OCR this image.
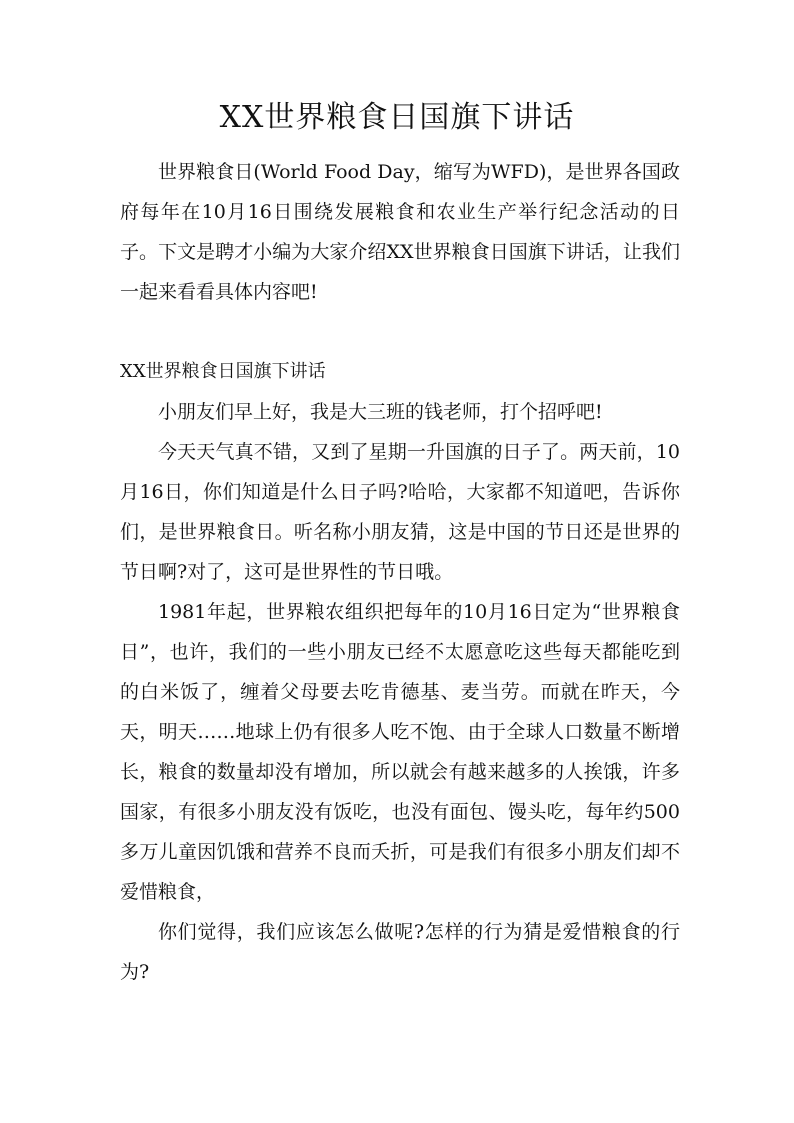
XX世界粮食日国旗下讲话

世界粮食日(World Food Day，缩写为WFD)，是世界各国政府每年在10月16日围绕发展粮食和农业生产举行纪念活动的日子。下文是聘才小编为大家介绍XX世界粮食日国旗下讲话，让我们一起来看看具体内容吧!

XX世界粮食日国旗下讲话

小朋友们早上好，我是大三班的钱老师，打个招呼吧!

今天天气真不错，又到了星期一升国旗的日子了。两天前，10月16日，你们知道是什么日子吗?哈哈，大家都不知道吧，告诉你们，是世界粮食日。听名称小朋友猜，这是中国的节日还是世界的节日啊?对了，这可是世界性的节日哦。

1981年起，世界粮农组织把每年的10月16日定为“世界粮食日”，也许，我们的一些小朋友已经不太愿意吃这些每天都能吃到的白米饭了，缠着父母要去吃肯德基、麦当劳。而就在昨天，今天，明天……地球上仍有很多人吃不饱、由于全球人口数量不断增长，粮食的数量却没有增加，所以就会有越来越多的人挨饿，许多国家，有很多小朋友没有饭吃，也没有面包、馒头吃，每年约500多万儿童因饥饿和营养不良而夭折，可是我们有很多小朋友们却不爱惜粮食，

你们觉得，我们应该怎么做呢?怎样的行为猜是爱惜粮食的行为?
